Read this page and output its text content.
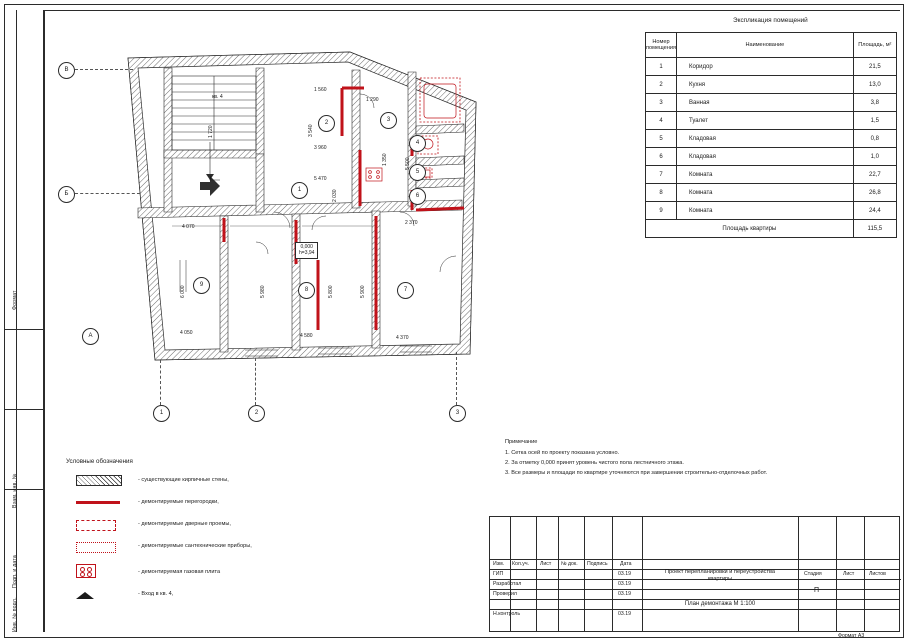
Формат
Взам. инв. №
Подп. и дата
Инв. № подл.
Экспликация помещений
Номер помещения	Наименование	Площадь, м²
1	Коридор	21,5
2	Кухня	13,0
3	Ванная	3,8
4	Туалет	1,5
5	Кладовая	0,8
6	Кладовая	1,0
7	Комната	22,7
8	Комната	26,8
9	Комната	24,4
Площадь квартиры		115,5
В
Б
А
1	2	3
1
2	3
4
5
6
7
8
9
0,000
h=3,94
кв. 4
1 560
1 290
3 960
5 470
4 070
2 370
4 050	4 580	4 370
3 540
1 720
2 030
1 350	5 500
6 000	5 980	5 800	5 900
Условные обозначения
- существующие кирпичные стены,
- демонтируемые перегородки,
- демонтируемые дверные проемы,
- демонтируемые сантехнические приборы,
- демонтируемая газовая плита
- Вход в кв. 4,
Примечание
1. Сетка осей по проекту показана условно.
2. За отметку 0,000 принят уровень чистого пола лестничного этажа.
3. Все размеры и площади по квартире уточняются при завершении строительно-отделочных работ.
Изм. Кол.уч. Лист № док. Подпись Дата
ГИП	03.19
Разработал	03.19
Проверил	03.19
Н.контроль	03.19
Проект перепланировки и переустройства
квартиры
План демонтажа М 1:100
Стадия	Лист	Листов
П
Формат A3
